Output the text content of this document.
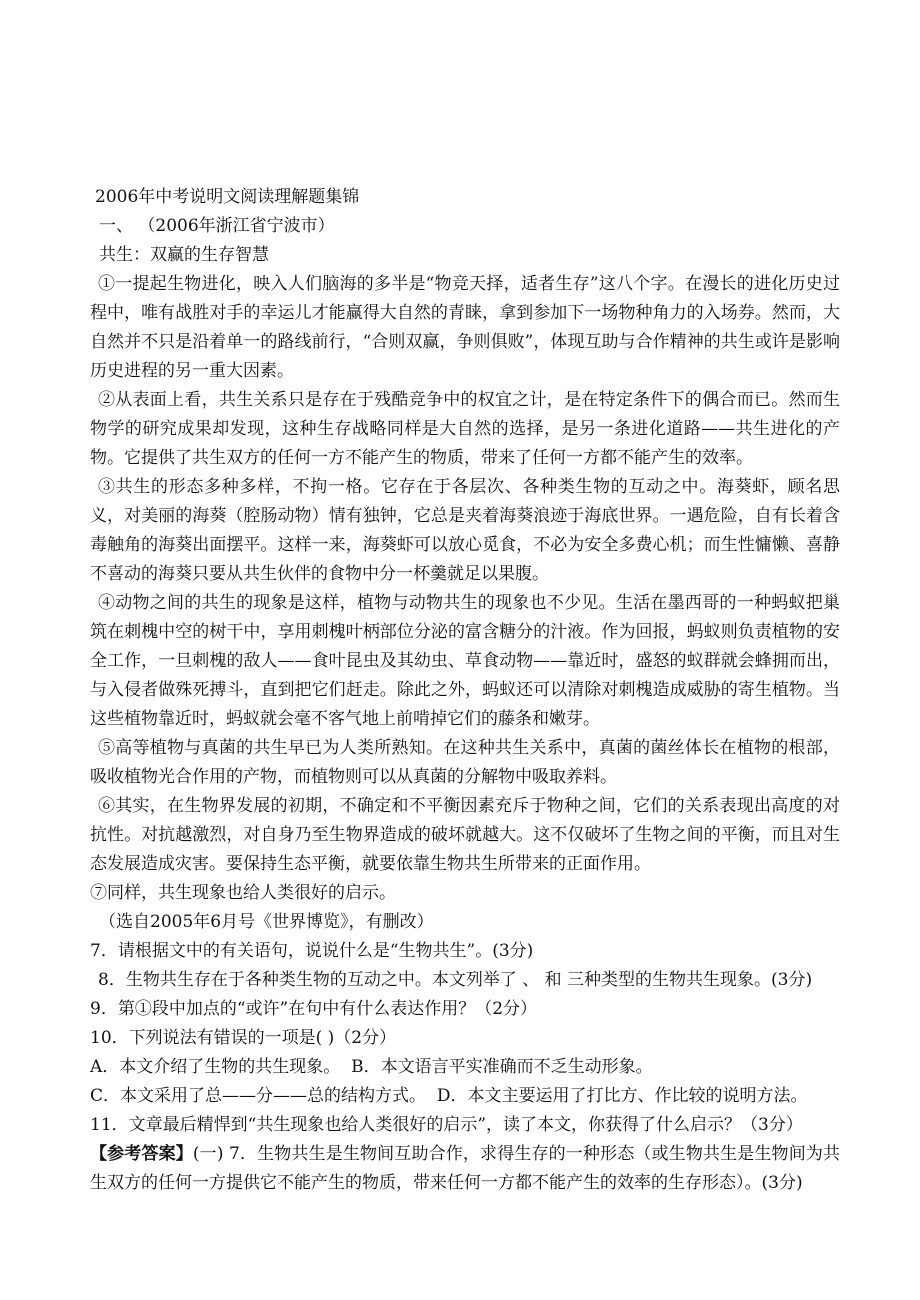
2006年中考说明文阅读理解题集锦
一、 （2006年浙江省宁波市）
共生：双赢的生存智慧

①一提起生物进化，映入人们脑海的多半是“物竞天择，适者生存”这八个字。在漫长的进化历史过程中，唯有战胜对手的幸运儿才能赢得大自然的青睐，拿到参加下一场物种角力的入场券。然而，大自然并不只是沿着单一的路线前行，“合则双赢，争则俱败”，体现互助与合作精神的共生或许是影响历史进程的另一重大因素。

②从表面上看，共生关系只是存在于残酷竞争中的权宜之计，是在特定条件下的偶合而已。然而生物学的研究成果却发现，这种生存战略同样是大自然的选择，是另一条进化道路——共生进化的产物。它提供了共生双方的任何一方不能产生的物质，带来了任何一方都不能产生的效率。

③共生的形态多种多样，不拘一格。它存在于各层次、各种类生物的互动之中。海葵虾，顾名思义，对美丽的海葵（腔肠动物）情有独钟，它总是夹着海葵浪迹于海底世界。一遇危险，自有长着含毒触角的海葵出面摆平。这样一来，海葵虾可以放心觅食，不必为安全多费心机；而生性慵懒、喜静不喜动的海葵只要从共生伙伴的食物中分一杯羹就足以果腹。

④动物之间的共生的现象是这样，植物与动物共生的现象也不少见。生活在墨西哥的一种蚂蚁把巢筑在刺槐中空的树干中，享用刺槐叶柄部位分泌的富含糖分的汁液。作为回报，蚂蚁则负责植物的安全工作，一旦刺槐的敌人——食叶昆虫及其幼虫、草食动物——靠近时，盛怒的蚁群就会蜂拥而出，与入侵者做殊死搏斗，直到把它们赶走。除此之外，蚂蚁还可以清除对刺槐造成威胁的寄生植物。当这些植物靠近时，蚂蚁就会毫不客气地上前啃掉它们的藤条和嫩芽。

⑤高等植物与真菌的共生早已为人类所熟知。在这种共生关系中，真菌的菌丝体长在植物的根部，吸收植物光合作用的产物，而植物则可以从真菌的分解物中吸取养料。

⑥其实，在生物界发展的初期，不确定和不平衡因素充斥于物种之间，它们的关系表现出高度的对抗性。对抗越激烈，对自身乃至生物界造成的破坏就越大。这不仅破坏了生物之间的平衡，而且对生态发展造成灾害。要保持生态平衡，就要依靠生物共生所带来的正面作用。

⑦同样，共生现象也给人类很好的启示。
（选自2005年6月号《世界博览》，有删改）
7．请根据文中的有关语句，说说什么是“生物共生”。(3分)

8．生物共生存在于各种类生物的互动之中。本文列举了 、 和 三种类型的生物共生现象。(3分)

9．第①段中加点的“或许”在句中有什么表达作用？（2分）
10．下列说法有错误的一项是( )（2分）
A．本文介绍了生物的共生现象。 B．本文语言平实准确而不乏生动形象。
C．本文采用了总——分——总的结构方式。 D．本文主要运用了打比方、作比较的说明方法。
11．文章最后精悍到“共生现象也给人类很好的启示”，读了本文，你获得了什么启示？（3分）

【参考答案】(一) 7．生物共生是生物间互助合作，求得生存的一种形态（或生物共生是生物间为共生双方的任何一方提供它不能产生的物质，带来任何一方都不能产生的效率的生存形态）。(3分)
